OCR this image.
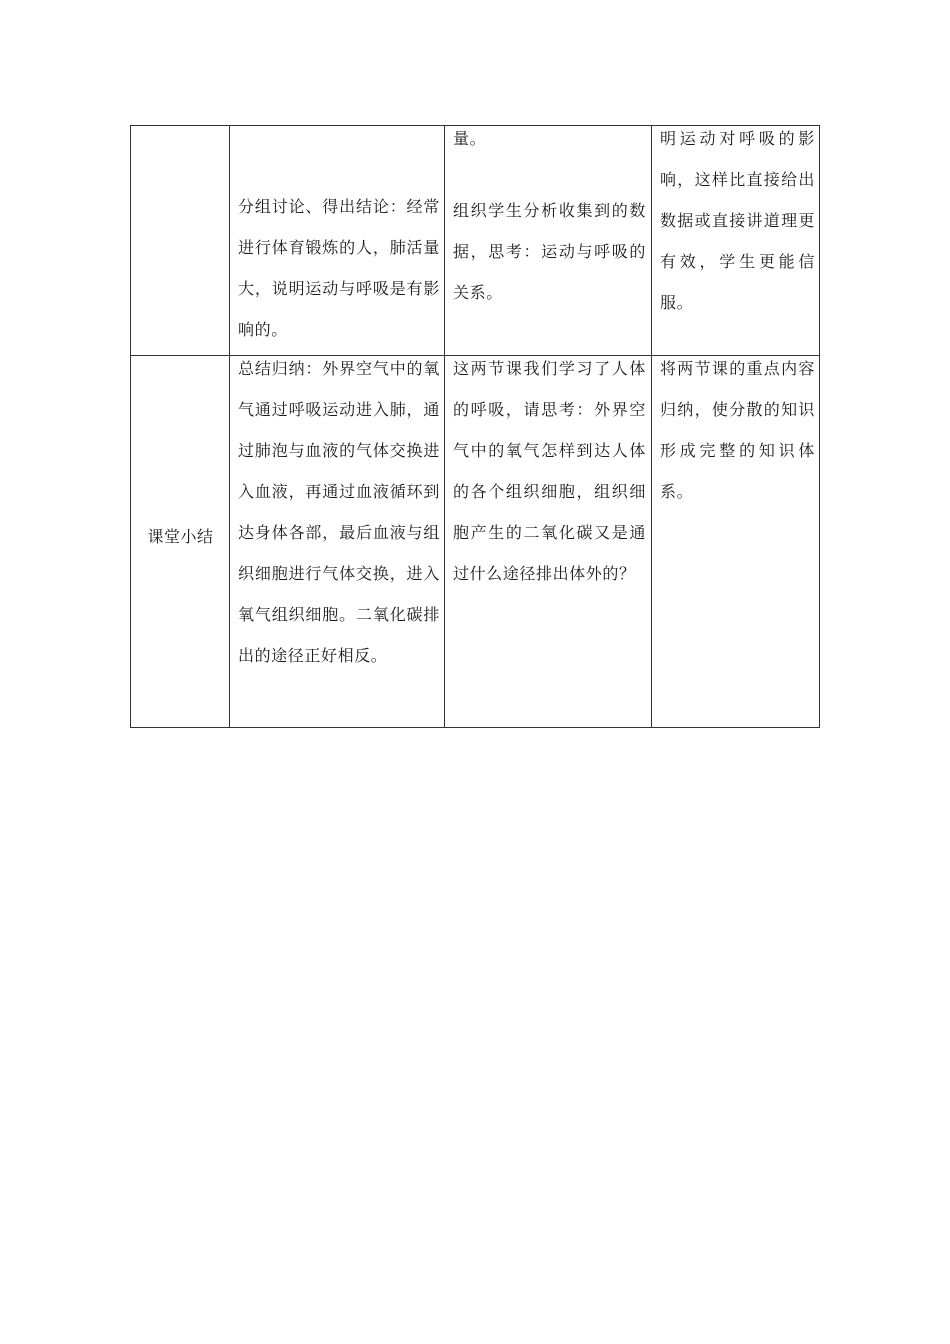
分组讨论、得出结论：经常进行体育锻炼的人，肺活量大，说明运动与呼吸是有影响的。

量。

组织学生分析收集到的数据，思考：运动与呼吸的关系。

明运动对呼吸的影响，这样比直接给出数据或直接讲道理更有效，学生更能信服。

课堂小结

总结归纳：外界空气中的氧气通过呼吸运动进入肺，通过肺泡与血液的气体交换进入血液，再通过血液循环到达身体各部，最后血液与组织细胞进行气体交换，进入氧气组织细胞。二氧化碳排出的途径正好相反。

这两节课我们学习了人体的呼吸，请思考：外界空气中的氧气怎样到达人体的各个组织细胞，组织细胞产生的二氧化碳又是通过什么途径排出体外的？

将两节课的重点内容归纳，使分散的知识形成完整的知识体系。
